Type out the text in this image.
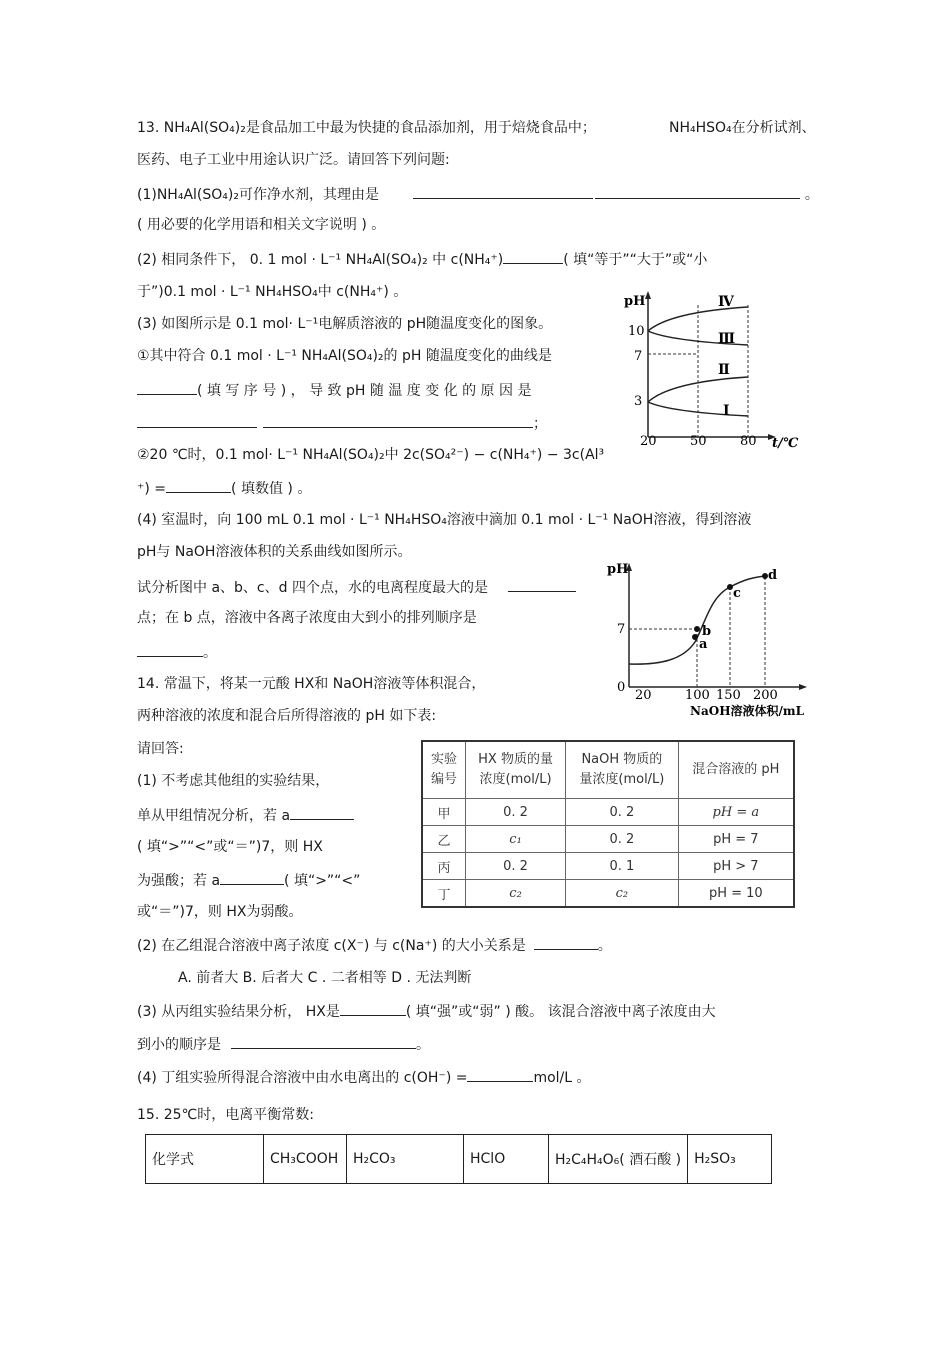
13. NH₄Al(SO₄)₂是食品加工中最为快捷的食品添加剂，用于焙烧食品中；	NH₄HSO₄在分析试剂、
医药、电子工业中用途认识广泛。请回答下列问题:
(1)NH₄Al(SO₄)₂可作净水剂，其理由是	。
( 用必要的化学用语和相关文字说明 ) 。
(2) 相同条件下， 0. 1 mol · L⁻¹ NH₄Al(SO₄)₂ 中 c(NH₄⁺)	( 填“等于”“大于”或“小
于”)0.1 mol · L⁻¹ NH₄HSO₄中 c(NH₄⁺) 。
(3) 如图所示是 0.1 mol· L⁻¹电解质溶液的 pH随温度变化的图象。
①其中符合 0.1 mol · L⁻¹ NH₄Al(SO₄)₂的 pH 随温度变化的曲线是
( 填 写 序 号 ) ， 导 致 pH 随 温 度 变 化 的 原 因 是
；
②20 ℃时，0.1 mol· L⁻¹ NH₄Al(SO₄)₂中 2c(SO₄²⁻) − c(NH₄⁺) − 3c(Al³
⁺) =	( 填数值 ) 。
(4) 室温时，向 100 mL 0.1 mol · L⁻¹ NH₄HSO₄溶液中滴加 0.1 mol · L⁻¹ NaOH溶液，得到溶液
pH与 NaOH溶液体积的关系曲线如图所示。
试分析图中 a、b、c、d 四个点，水的电离程度最大的是
点；在 b 点，溶液中各离子浓度由大到小的排列顺序是
。
pH
t/℃
10
7
3
20	50	80
Ⅳ
Ⅲ
Ⅱ
Ⅰ
pH
NaOH溶液体积/mL
7
0
20	100 150 200
a
b
c
d
14. 常温下，将某一元酸 HX和 NaOH溶液等体积混合，
两种溶液的浓度和混合后所得溶液的 pH 如下表:
请回答:
(1) 不考虑其他组的实验结果，
单从甲组情况分析，若 a
( 填“>”“<”或“＝”)7，则 HX
为强酸；若 a	( 填“>”“<”
或“＝”)7，则 HX为弱酸。
实验
编号	HX 物质的量
浓度(mol/L)	NaOH 物质的
量浓度(mol/L)	混合溶液的 pH
甲	0. 2	0. 2	pH = a
乙	c₁	0. 2	pH = 7
丙	0. 2	0. 1	pH > 7
丁	c₂	c₂	pH = 10
(2) 在乙组混合溶液中离子浓度 c(X⁻) 与 c(Na⁺) 的大小关系是	。
A. 前者大 B. 后者大 C . 二者相等 D . 无法判断
(3) 从丙组实验结果分析， HX是	( 填“强”或“弱” ) 酸。 该混合溶液中离子浓度由大
到小的顺序是	。
(4) 丁组实验所得混合溶液中由水电离出的 c(OH⁻) =	mol/L 。
15. 25℃时，电离平衡常数:
化学式	CH₃COOH	H₂CO₃	HClO	H₂C₄H₄O₆( 酒石酸 )	H₂SO₃
